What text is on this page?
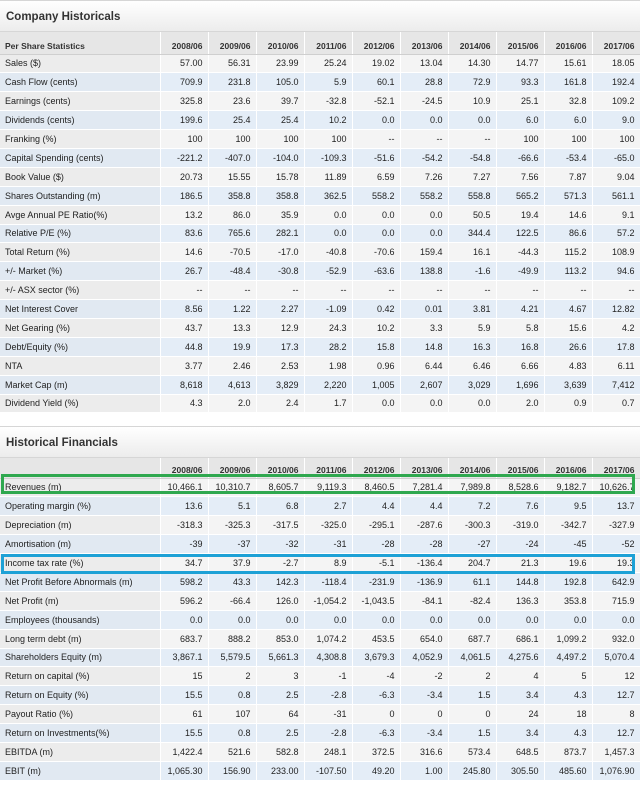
Company Historicals
Per Share Statistics	2008/06	2009/06	2010/06	2011/06	2012/06	2013/06	2014/06	2015/06	2016/06	2017/06
Sales ($)	57.00	56.31	23.99	25.24	19.02	13.04	14.30	14.77	15.61	18.05
Cash Flow (cents)	709.9	231.8	105.0	5.9	60.1	28.8	72.9	93.3	161.8	192.4
Earnings (cents)	325.8	23.6	39.7	-32.8	-52.1	-24.5	10.9	25.1	32.8	109.2
Dividends (cents)	199.6	25.4	25.4	10.2	0.0	0.0	0.0	6.0	6.0	9.0
Franking (%)	100	100	100	100	--	--	--	100	100	100
Capital Spending (cents)	-221.2	-407.0	-104.0	-109.3	-51.6	-54.2	-54.8	-66.6	-53.4	-65.0
Book Value ($)	20.73	15.55	15.78	11.89	6.59	7.26	7.27	7.56	7.87	9.04
Shares Outstanding (m)	186.5	358.8	358.8	362.5	558.2	558.2	558.8	565.2	571.3	561.1
Avge Annual PE Ratio(%)	13.2	86.0	35.9	0.0	0.0	0.0	50.5	19.4	14.6	9.1
Relative P/E (%)	83.6	765.6	282.1	0.0	0.0	0.0	344.4	122.5	86.6	57.2
Total Return (%)	14.6	-70.5	-17.0	-40.8	-70.6	159.4	16.1	-44.3	115.2	108.9
+/- Market (%)	26.7	-48.4	-30.8	-52.9	-63.6	138.8	-1.6	-49.9	113.2	94.6
+/- ASX sector (%)	--	--	--	--	--	--	--	--	--	--
Net Interest Cover	8.56	1.22	2.27	-1.09	0.42	0.01	3.81	4.21	4.67	12.82
Net Gearing (%)	43.7	13.3	12.9	24.3	10.2	3.3	5.9	5.8	15.6	4.2
Debt/Equity (%)	44.8	19.9	17.3	28.2	15.8	14.8	16.3	16.8	26.6	17.8
NTA	3.77	2.46	2.53	1.98	0.96	6.44	6.46	6.66	4.83	6.11
Market Cap (m)	8,618	4,613	3,829	2,220	1,005	2,607	3,029	1,696	3,639	7,412
Dividend Yield (%)	4.3	2.0	2.4	1.7	0.0	0.0	0.0	2.0	0.9	0.7
Historical Financials
	2008/06	2009/06	2010/06	2011/06	2012/06	2013/06	2014/06	2015/06	2016/06	2017/06
Revenues (m)	10,466.1	10,310.7	8,605.7	9,119.3	8,460.5	7,281.4	7,989.8	8,528.6	9,182.7	10,626.7
Operating margin (%)	13.6	5.1	6.8	2.7	4.4	4.4	7.2	7.6	9.5	13.7
Depreciation (m)	-318.3	-325.3	-317.5	-325.0	-295.1	-287.6	-300.3	-319.0	-342.7	-327.9
Amortisation (m)	-39	-37	-32	-31	-28	-28	-27	-24	-45	-52
Income tax rate (%)	34.7	37.9	-2.7	8.9	-5.1	-136.4	204.7	21.3	19.6	19.3
Net Profit Before Abnormals (m)	598.2	43.3	142.3	-118.4	-231.9	-136.9	61.1	144.8	192.8	642.9
Net Profit (m)	596.2	-66.4	126.0	-1,054.2	-1,043.5	-84.1	-82.4	136.3	353.8	715.9
Employees (thousands)	0.0	0.0	0.0	0.0	0.0	0.0	0.0	0.0	0.0	0.0
Long term debt (m)	683.7	888.2	853.0	1,074.2	453.5	654.0	687.7	686.1	1,099.2	932.0
Shareholders Equity (m)	3,867.1	5,579.5	5,661.3	4,308.8	3,679.3	4,052.9	4,061.5	4,275.6	4,497.2	5,070.4
Return on capital (%)	15	2	3	-1	-4	-2	2	4	5	12
Return on Equity (%)	15.5	0.8	2.5	-2.8	-6.3	-3.4	1.5	3.4	4.3	12.7
Payout Ratio (%)	61	107	64	-31	0	0	0	24	18	8
Return on Investments(%)	15.5	0.8	2.5	-2.8	-6.3	-3.4	1.5	3.4	4.3	12.7
EBITDA (m)	1,422.4	521.6	582.8	248.1	372.5	316.6	573.4	648.5	873.7	1,457.3
EBIT (m)	1,065.30	156.90	233.00	-107.50	49.20	1.00	245.80	305.50	485.60	1,076.90
